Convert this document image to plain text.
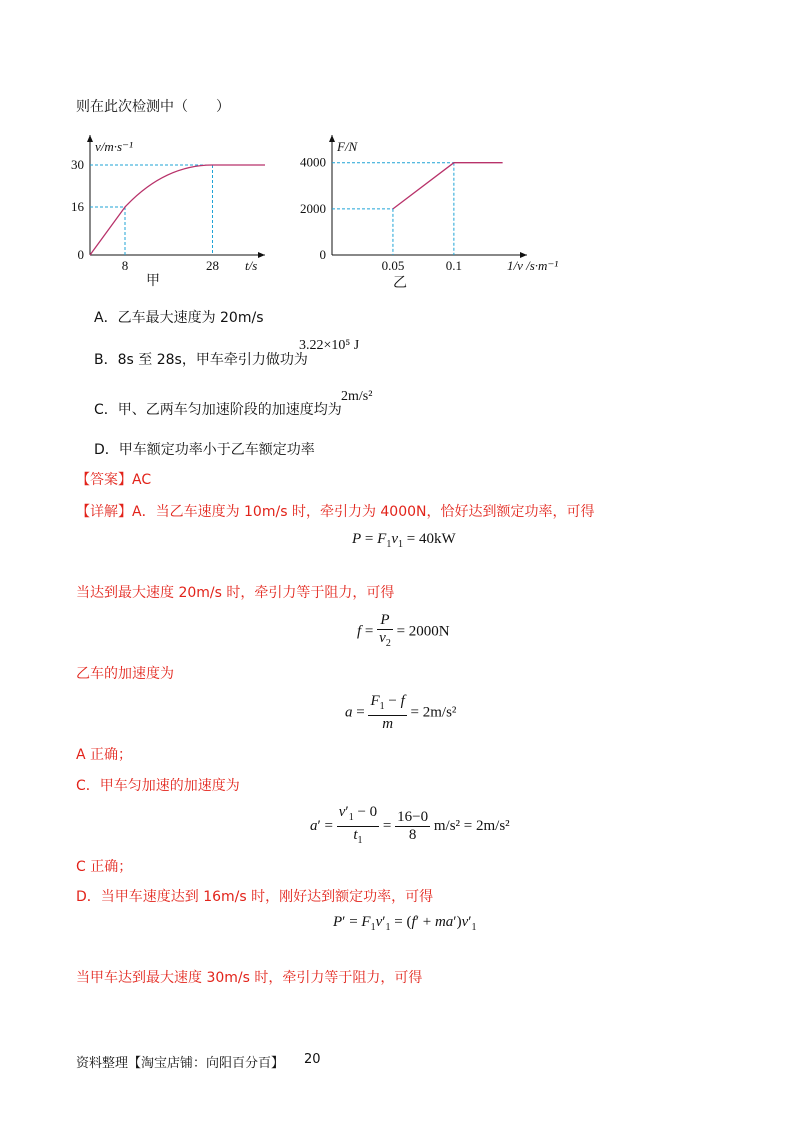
则在此次检测中（　　）
8
16
28
30
0
v/m·s⁻¹
t/s
甲
0.05
2000
0.1
4000
0
F/N
1/v /s·m⁻¹
乙
A．乙车最大速度为 20m/s
B．8s 至 28s，甲车牵引力做功为
3.22×10⁵ J
C．甲、乙两车匀加速阶段的加速度均为
2m/s²
D．甲车额定功率小于乙车额定功率
【答案】AC
【详解】A．当乙车速度为 10m/s 时，牵引力为 4000N，恰好达到额定功率，可得
$P = F_1v_1 = 40kW$
当达到最大速度 20m/s 时，牵引力等于阻力，可得
$f = \frac{P}{v_2} = 2000N$
乙车的加速度为
$a = \frac{F_1 - f}{m} = 2m/s^2$
A 正确；
C．甲车匀加速的加速度为
$a' = \frac{v'_1 - 0}{t_1} = \frac{16-0}{8} m/s^2 = 2m/s^2$
C 正确；
D．当甲车速度达到 16m/s 时，刚好达到额定功率，可得
$P' = F_1v'_1 = (f' + ma')v'_1$
当甲车达到最大速度 30m/s 时，牵引力等于阻力，可得
资料整理【淘宝店铺：向阳百分百】 20
